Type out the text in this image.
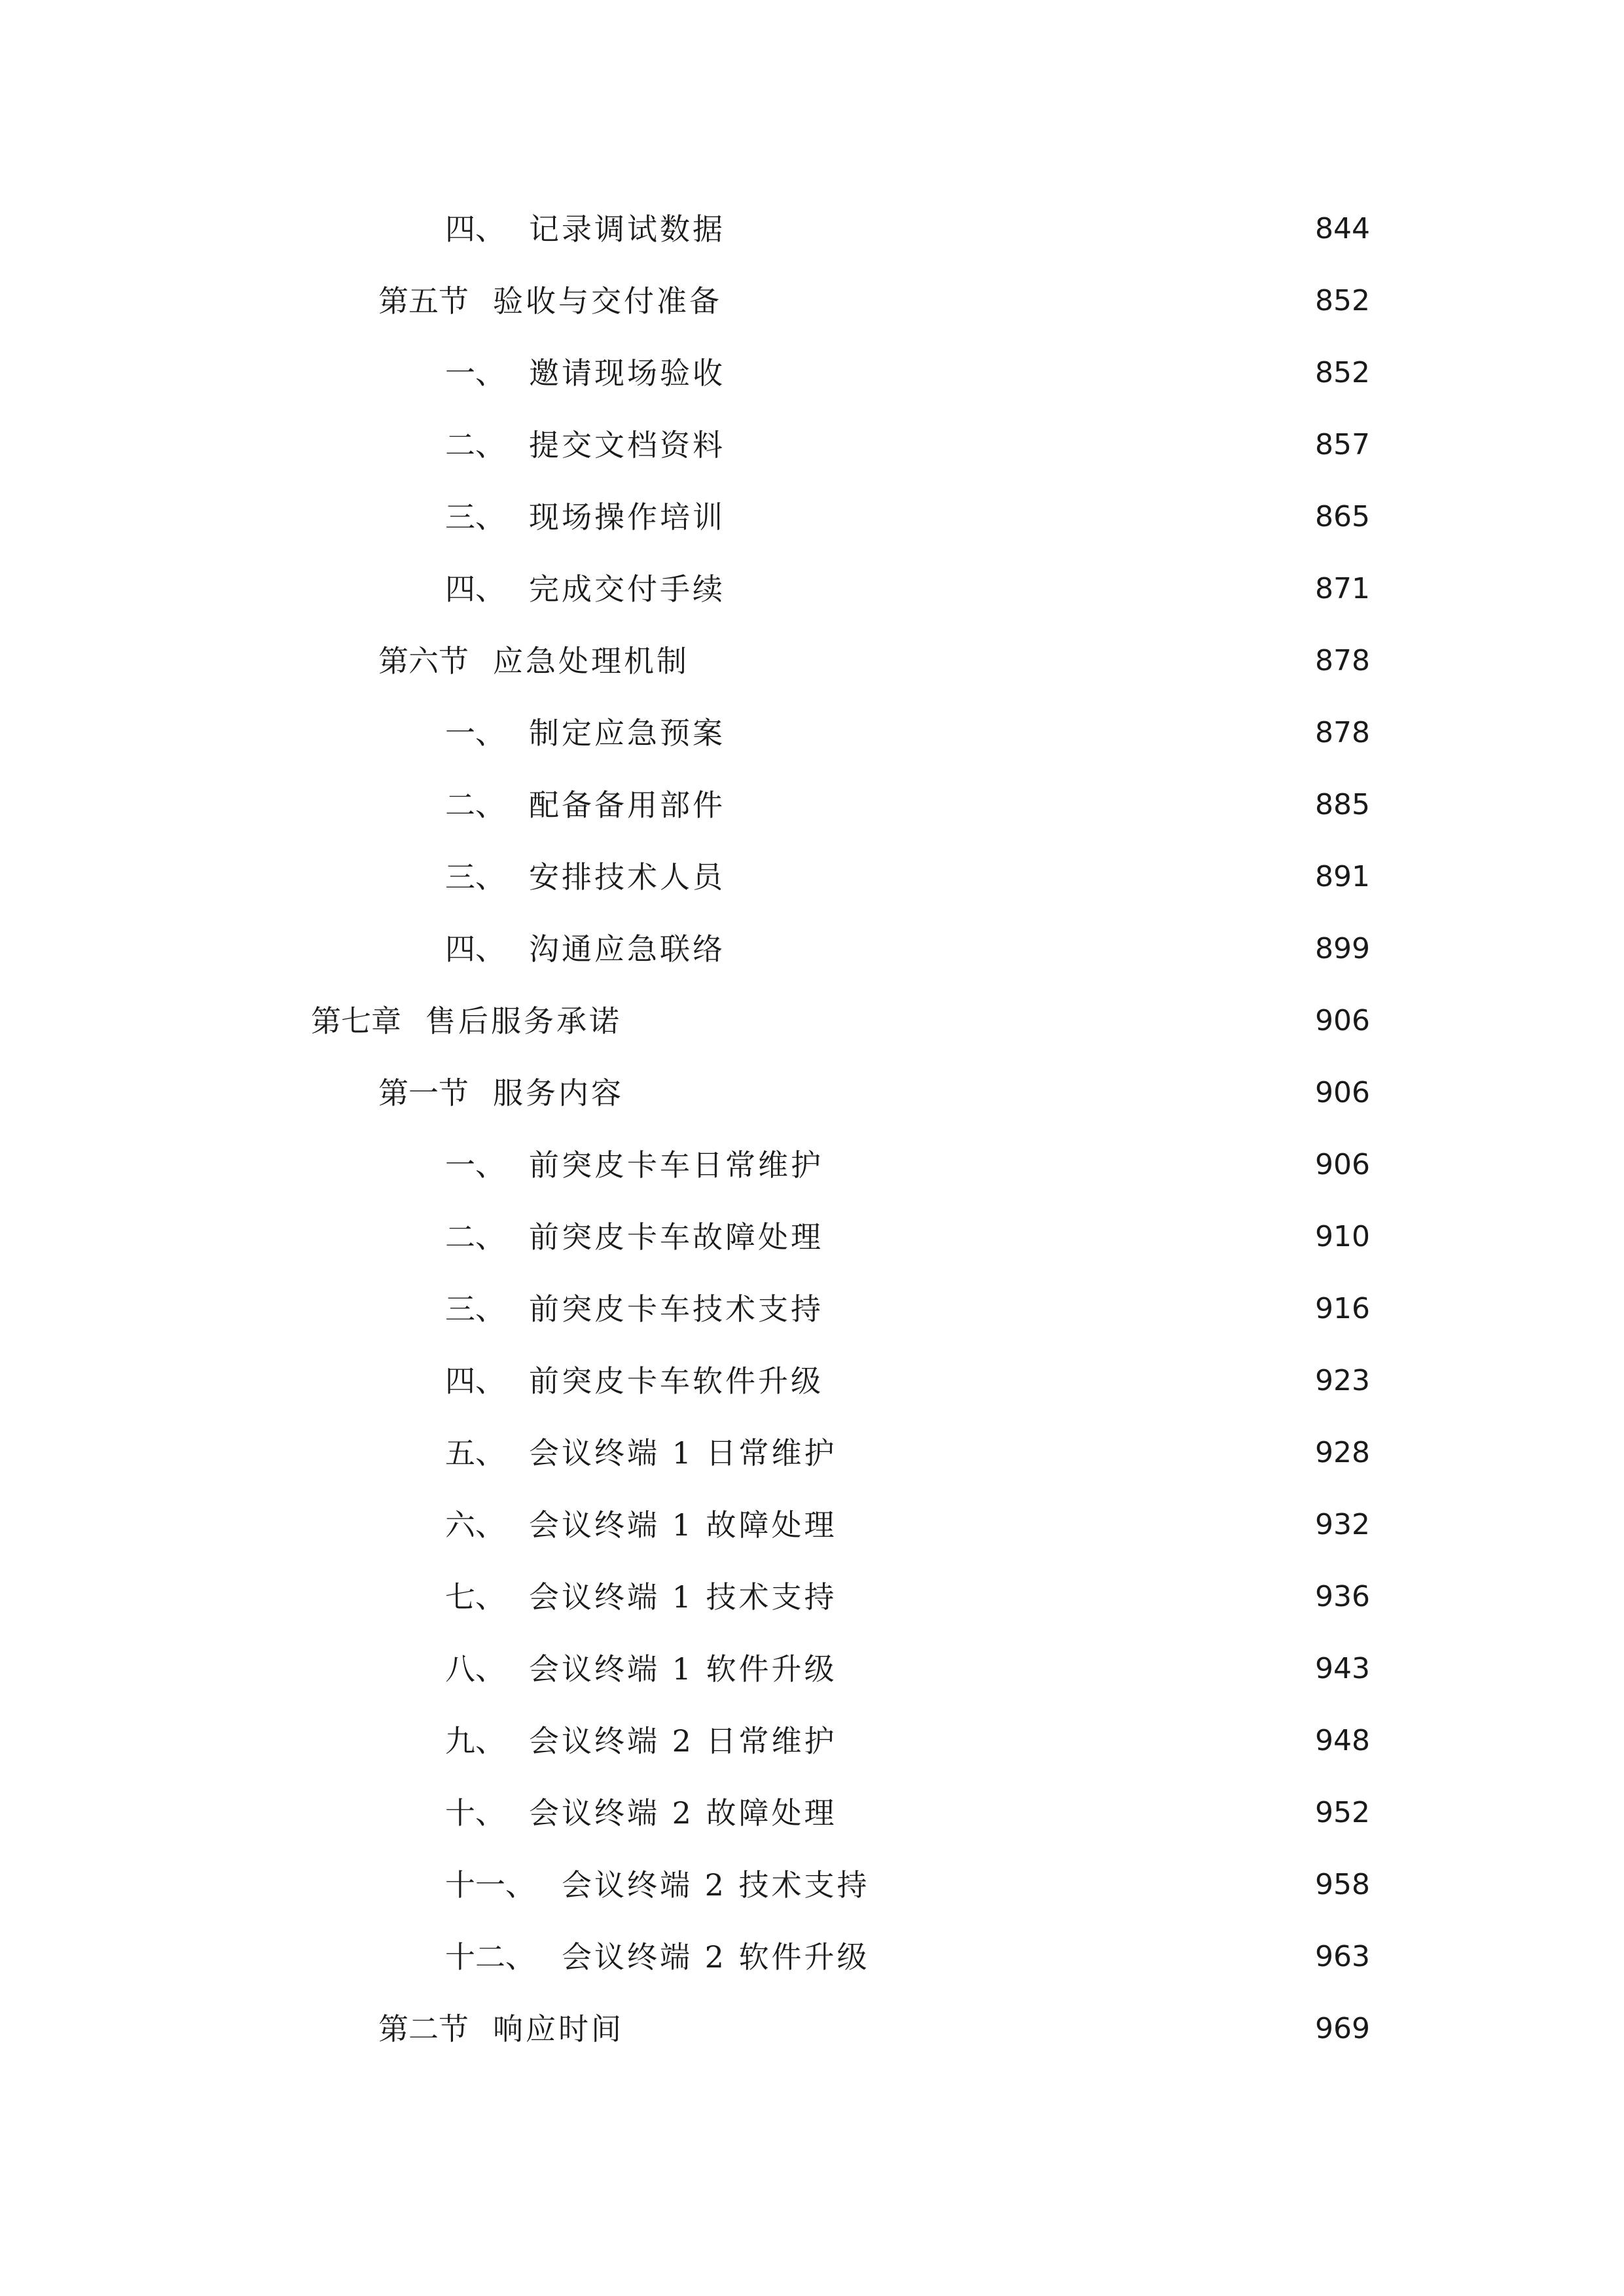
四、 记录调试数据	844
第五节 验收与交付准备	852
一、 邀请现场验收	852
二、 提交文档资料	857
三、 现场操作培训	865
四、 完成交付手续	871
第六节 应急处理机制	878
一、 制定应急预案	878
二、 配备备用部件	885
三、 安排技术人员	891
四、 沟通应急联络	899
第七章 售后服务承诺	906
第一节 服务内容	906
一、 前突皮卡车日常维护	906
二、 前突皮卡车故障处理	910
三、 前突皮卡车技术支持	916
四、 前突皮卡车软件升级	923
五、 会议终端 1 日常维护	928
六、 会议终端 1 故障处理	932
七、 会议终端 1 技术支持	936
八、 会议终端 1 软件升级	943
九、 会议终端 2 日常维护	948
十、 会议终端 2 故障处理	952
十一、 会议终端 2 技术支持	958
十二、 会议终端 2 软件升级	963
第二节 响应时间	969
